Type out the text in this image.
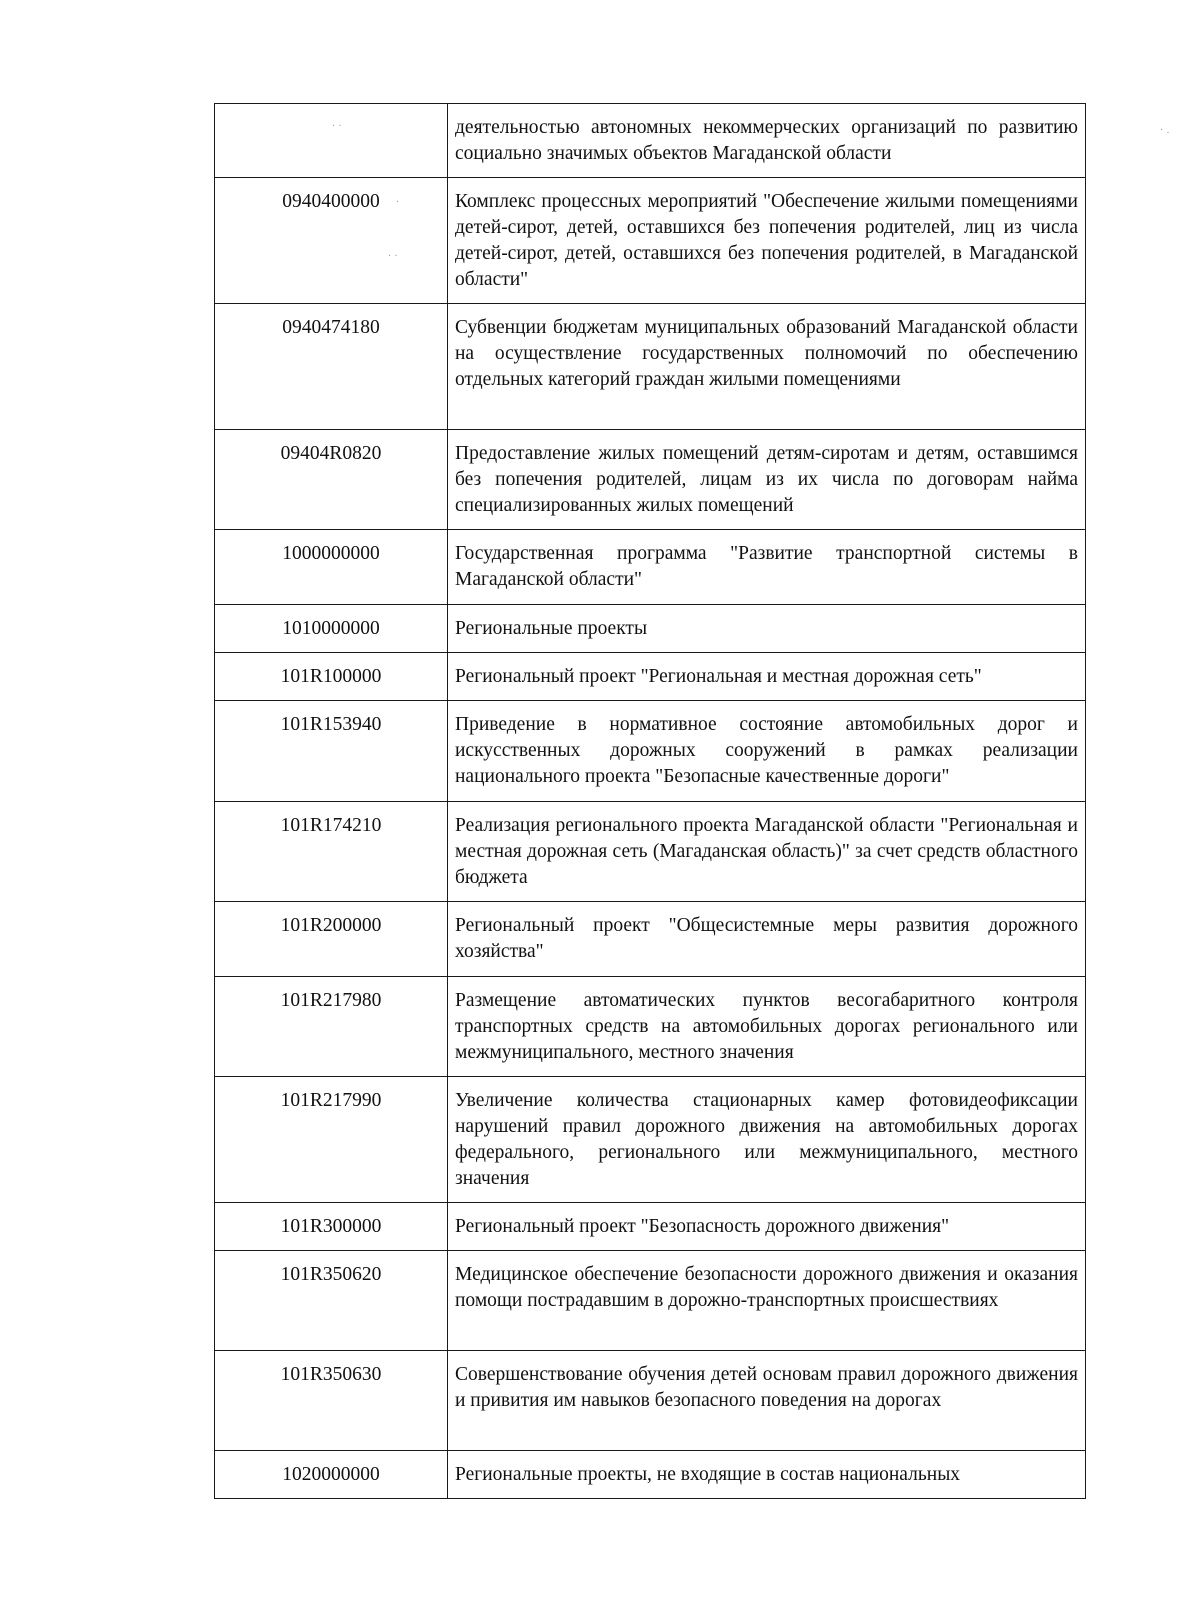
· ·
·
· ·
· .
	деятельностью автономных некоммерческих организаций по развитию социально значимых объектов Магаданской области
0940400000	Комплекс процессных мероприятий "Обеспечение жилыми помещениями детей-сирот, детей, оставшихся без попечения родителей, лиц из числа детей-сирот, детей, оставшихся без попечения родителей, в Магаданской области"
0940474180	Субвенции бюджетам муниципальных образований Магаданской области на осуществление государственных полномочий по обеспечению отдельных категорий граждан жилыми помещениями
09404R0820	Предоставление жилых помещений детям-сиротам и детям, оставшимся без попечения родителей, лицам из их числа по договорам найма специализированных жилых помещений
1000000000	Государственная программа "Развитие транспортной системы в Магаданской области"
1010000000	Региональные проекты
101R100000	Региональный проект "Региональная и местная дорожная сеть"
101R153940	Приведение в нормативное состояние автомобильных дорог и искусственных дорожных сооружений в рамках реализации национального проекта "Безопасные качественные дороги"
101R174210	Реализация регионального проекта Магаданской области "Региональная и местная дорожная сеть (Магаданская область)" за счет средств областного бюджета
101R200000	Региональный проект "Общесистемные меры развития дорожного хозяйства"
101R217980	Размещение автоматических пунктов весогабаритного контроля транспортных средств на автомобильных дорогах регионального или межмуниципального, местного значения
101R217990	Увеличение количества стационарных камер фотовидеофиксации нарушений правил дорожного движения на автомобильных дорогах федерального, регионального или межмуниципального, местного значения
101R300000	Региональный проект "Безопасность дорожного движения"
101R350620	Медицинское обеспечение безопасности дорожного движения и оказания помощи пострадавшим в дорожно-транспортных происшествиях
101R350630	Совершенствование обучения детей основам правил дорожного движения и привития им навыков безопасного поведения на дорогах
1020000000	Региональные проекты, не входящие в состав национальных
